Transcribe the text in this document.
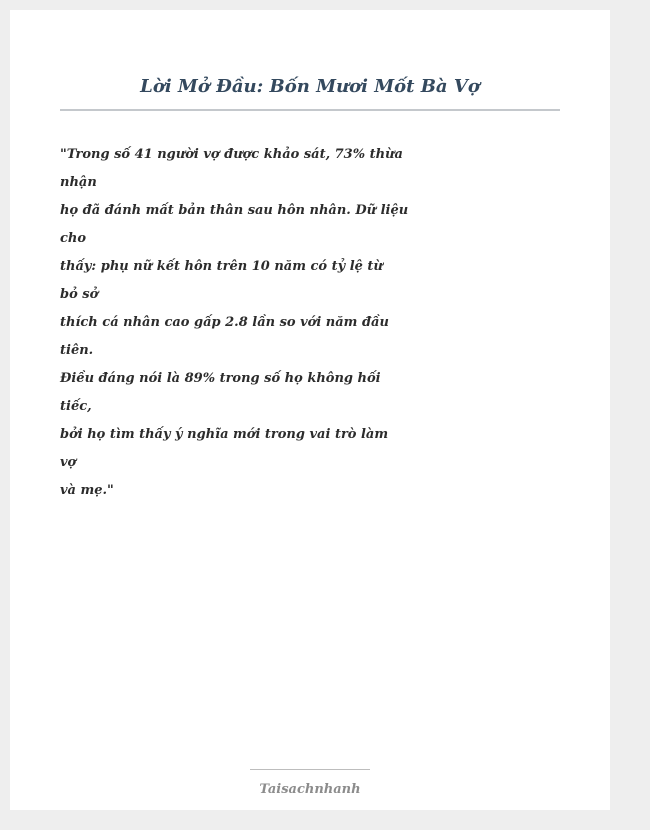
Lời Mở Đầu: Bốn Mươi Mốt Bà Vợ
"Trong số 41 người vợ được khảo sát, 73% thừa
nhận
họ đã đánh mất bản thân sau hôn nhân. Dữ liệu
cho
thấy: phụ nữ kết hôn trên 10 năm có tỷ lệ từ
bỏ sở
thích cá nhân cao gấp 2.8 lần so với năm đầu
tiên.
Điều đáng nói là 89% trong số họ không hối
tiếc,
bởi họ tìm thấy ý nghĩa mới trong vai trò làm
vợ
và mẹ."
Taisachnhanh
